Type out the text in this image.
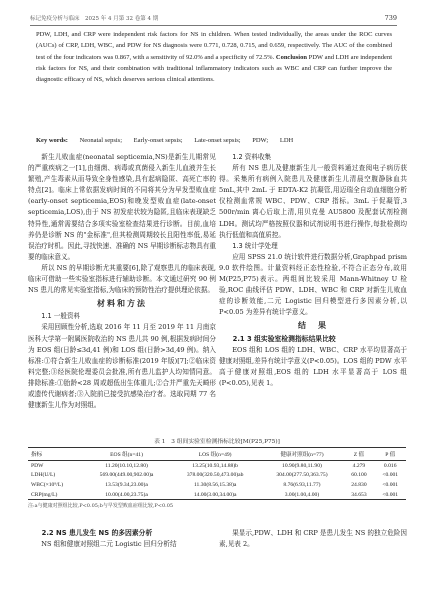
标记免疫分析与临床　2025 年 4 月第 32 卷第 4 期	739
PDW, LDH, and CRP were independent risk factors for NS in children. When tested individually, the areas under the ROC curves (AUCs) of CRP, LDH, WBC, and PDW for NS diagnosis were 0.771, 0.728, 0.715, and 0.659, respectively. The AUC of the combined test of the four indicators was 0.867, with a sensitivity of 92.0% and a specificity of 72.5%. Conclusion PDW and LDH are independent risk factors for NS, and their combination with traditional inflammatory indicators such as WBC and CRP can further improve the diagnostic efficacy of NS, which deserves serious clinical attentions.
Key words: Neonatal sepsis; Early-onset sepsis; Late-onset sepsis; PDW; LDH

新生儿败血症(neonatal septicemia,NS)是新生儿期常见的严重疾病之一[1],由细菌、病毒或真菌侵入新生儿血液并生长繁殖,产生毒素从而导致全身性感染,具有起病隐匿、高死亡率的特点[2]。临床上常依据发病时间的不同将其分为早发型败血症(early-onset septicemia,EOS)和晚发型败血症(late-onset septicemia,LOS),由于 NS 初发症状较为隐匿,且临床表现缺乏特异性,通常需要结合多项实验室检查结果进行诊断。目前,血培养仍是诊断 NS 的"金标准",但其检测周期较长且阳性率低,易延误治疗时机。因此,寻找快速、准确的 NS 早期诊断标志物具有重要的临床意义。

所以 NS 的早期诊断尤其重要[6],除了观察患儿的临床表现,临床可借助一些实验室指标进行辅助诊断。本文通过研究 90 例 NS 患儿的常见实验室指标,为临床的预防性治疗提供理论依据。

材料和方法

1.1 一般资料

采用回顾性分析,选取 2016 年 11 月至 2019 年 11 月南京医科大学第一附属医院收治的 NS 患儿共 90 例,根据发病时间分为 EOS 组(日龄≤3d,41 例)和 LOS 组(日龄>3d,49 例)。纳入标准:①符合新生儿败血症的诊断标准(2019 年版)[7];②临床资料完整;③经医院伦理委员会批准,所有患儿监护人均知情同意。排除标准:①胎龄<28 周或超低出生体重儿;②合并严重先天畸形或遗传代谢病者;③入院前已接受抗感染治疗者。选取同期 77 名健康新生儿作为对照组。

1.2 资料收集

所有 NS 患儿及健康新生儿一般资料通过查阅电子病历获得。采集所有病例入院患儿及健康新生儿清晨空腹静脉血共 5mL,其中 2mL 于 EDTA-K2 抗凝管,用迈瑞全自动血细胞分析仪检测血常规 WBC、PDW、CRP 指标。3mL 于促凝管,3 500r/min 离心后取上清,用贝克曼 AU5800 及配套试剂检测 LDH。测试均严格按照仪器和试剂说明书进行操作,每批检测均执行低值和高值质控。

1.3 统计学处理

应用 SPSS 21.0 统计软件进行数据分析,Graphpad prism 9.0 软件绘图。计量资料经正态性检验,不符合正态分布,故用 M(P25,P75)表示。两组间比较采用 Mann-Whitney U 检验,ROC 曲线评估 PDW、LDH、WBC 和 CRP 对新生儿败血症的诊断效能,二元 Logistic 回归模型进行多因素分析,以 P<0.05 为差异有统计学意义。

结　果

2.1 3 组实验室检测指标结果比较

EOS 组和 LOS 组的 LDH、WBC、CRP 水平均显著高于健康对照组,差异有统计学意义(P<0.05)。LOS 组的 PDW 水平高于健康对照组,EOS 组的 LDH 水平显著高于 LOS 组(P<0.05),见表 1。

表 1　3 组间实验室检测指标比较[M(P25,P75)]
指标	EOS 组(n=41)	LOS 组(n=49)	健康对照组(n=77)	Z 值	P 值
PDW	11.20(10.10,12.80)	13.25(10.93,14.88)b	10.90(9.80,11.90)	4.279	0.016
LDH(U/L)	569.00(449.00,902.00)a	378.00(320.50,473.00)ab	304.00(277.50,363.75)	60.100	<0.001
WBC(×10⁹/L)	13.53(9.34,23.00)a	11.30(8.56,15.38)a	8.76(6.93,11.77)	24.830	<0.001
CRP(mg/L)	10.00(4.00,23.75)a	14.00(3.00,34.00)a	3.00(1.00,4.00)	34.653	<0.001
注:a与健康对照组比较,P<0.05;b与早发型败血症组比较,P<0.05

2.2 NS 患儿发生 NS 的多因素分析

NS 组和健康对照组二元 Logistic 回归分析结

果显示,PDW、LDH 和 CRP 是患儿发生 NS 的独立危险因素,见表 2。
